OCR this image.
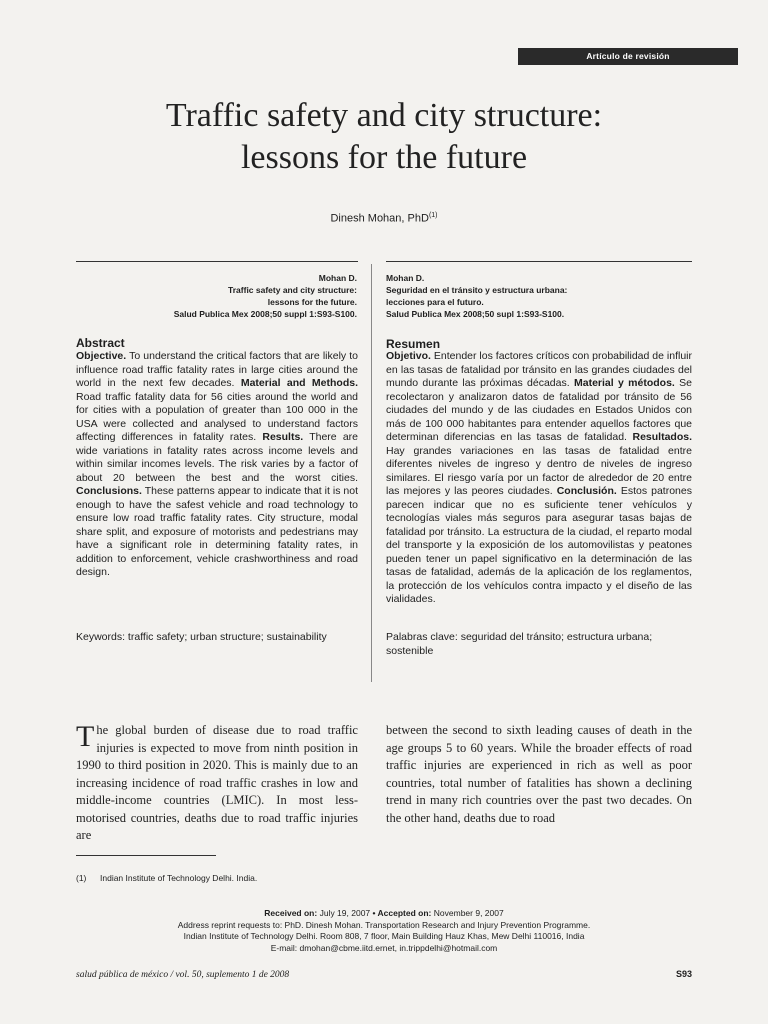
Artículo de revisión
Traffic safety and city structure:
lessons for the future
Dinesh Mohan, PhD$^{(1)}$
Mohan D.
Traffic safety and city structure:
lessons for the future.
Salud Publica Mex 2008;50 suppl 1:S93-S100.
Mohan D.
Seguridad en el tránsito y estructura urbana:
lecciones para el futuro.
Salud Publica Mex 2008;50 supl 1:S93-S100.
Abstract
Objective. To understand the critical factors that are likely to influence road traffic fatality rates in large cities around the world in the next few decades. Material and Methods. Road traffic fatality data for 56 cities around the world and for cities with a population of greater than 100 000 in the USA were collected and analysed to understand factors affecting differences in fatality rates. Results. There are wide variations in fatality rates across income levels and within similar incomes levels. The risk varies by a factor of about 20 between the best and the worst cities. Conclusions. These patterns appear to indicate that it is not enough to have the safest vehicle and road technology to ensure low road traffic fatality rates. City structure, modal share split, and exposure of motorists and pedestrians may have a significant role in determining fatality rates, in addition to enforcement, vehicle crashworthiness and road design.
Keywords: traffic safety; urban structure; sustainability
Resumen
Objetivo. Entender los factores críticos con probabilidad de influir en las tasas de fatalidad por tránsito en las grandes ciudades del mundo durante las próximas décadas. Material y métodos. Se recolectaron y analizaron datos de fatalidad por tránsito de 56 ciudades del mundo y de las ciudades en Estados Unidos con más de 100 000 habitantes para entender aquellos factores que determinan diferencias en las tasas de fatalidad. Resultados. Hay grandes variaciones en las tasas de fatalidad entre diferentes niveles de ingreso y dentro de niveles de ingreso similares. El riesgo varía por un factor de alrededor de 20 entre las mejores y las peores ciudades. Conclusión. Estos patrones parecen indicar que no es suficiente tener vehículos y tecnologías viales más seguros para asegurar tasas bajas de fatalidad por tránsito. La estructura de la ciudad, el reparto modal del transporte y la exposición de los automovilistas y peatones pueden tener un papel significativo en la determinación de las tasas de fatalidad, además de la aplicación de los reglamentos, la protección de los vehículos contra impacto y el diseño de las vialidades.
Palabras clave: seguridad del tránsito; estructura urbana; sostenible
The global burden of disease due to road traffic injuries is expected to move from ninth position in 1990 to third position in 2020. This is mainly due to an increasing incidence of road traffic crashes in low and middle-income countries (LMIC). In most less-motorised countries, deaths due to road traffic injuries are
between the second to sixth leading causes of death in the age groups 5 to 60 years. While the broader effects of road traffic injuries are experienced in rich as well as poor countries, total number of fatalities has shown a declining trend in many rich countries over the past two decades. On the other hand, deaths due to road
(1) Indian Institute of Technology Delhi. India.
Received on: July 19, 2007 • Accepted on: November 9, 2007
Address reprint requests to: PhD. Dinesh Mohan. Transportation Research and Injury Prevention Programme.
Indian Institute of Technology Delhi. Room 808, 7 floor, Main Building Hauz Khas, Mew Delhi 110016, India
E-mail: dmohan@cbme.iitd.ernet, in.trippdelhi@hotmail.com
salud pública de méxico / vol. 50, suplemento 1 de 2008	S93
